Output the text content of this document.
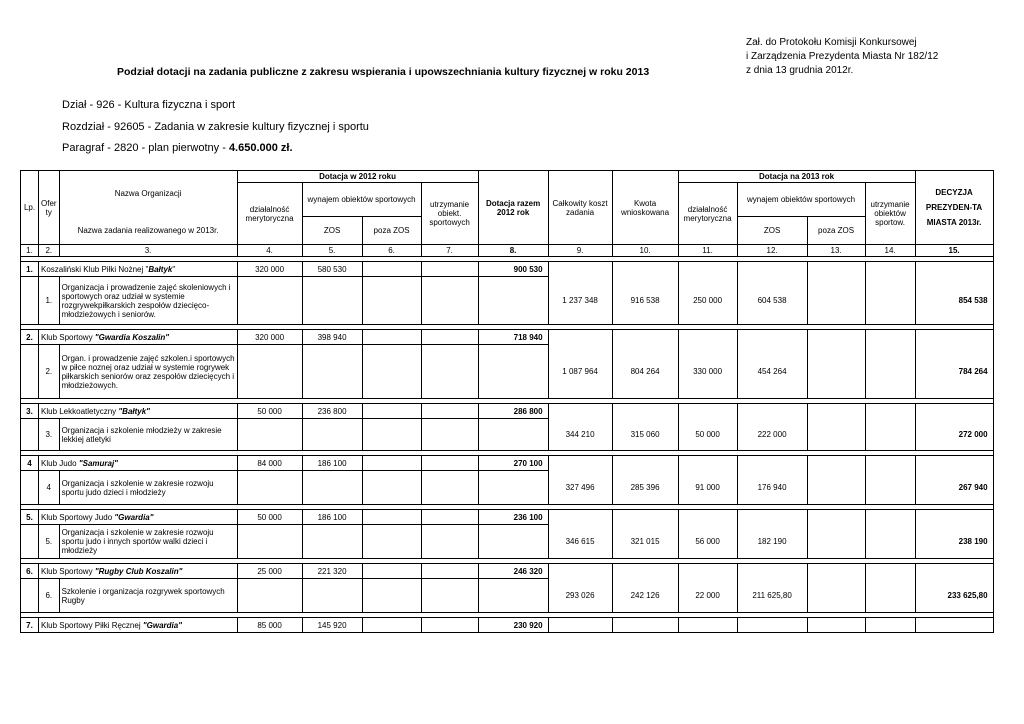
Zał. do Protokołu Komisji Konkursowej
i Zarządzenia Prezydenta Miasta Nr 182/12
z dnia 13 grudnia 2012r.
Podział dotacji na zadania publiczne z zakresu wspierania i upowszechniania kultury fizycznej w roku 2013
Dział - 926 - Kultura fizyczna i sport
Rozdział - 92605 - Zadania w zakresie kultury fizycznej i sportu
Paragraf - 2820 - plan pierwotny - 4.650.000 zł.
Lp.	Ofer ty	Nazwa Organizacji	Dotacja w 2012 roku				Dotacja razem 2012 rok	Całkowity koszt zadania	Kwota wnioskowana	Dotacja na 2013 rok				DECYZJA PREZYDEN-TA MIASTA 2013r.
			działalność merytoryczna	wynajem obiektów sportowych		utrzymanie obiekt. sportowych				działalność merytoryczna	wynajem obiektów sportowych		utrzymanie obiektów sportow.	
		Nazwa zadania realizowanego w 2013r.		ZOS	poza ZOS						ZOS	poza ZOS		
1.	2.	3.	4.	5.	6.	7.	8.	9.	10.	11.	12.	13.	14.	15.

1.	Koszaliński Klub Piłki Nożnej "Bałtyk"		320 000	580 530			900 530							
	1.	Organizacja i prowadzenie zajęć skoleniowych i sportowych oraz udział w systemie rozgrywekpiłkarskich zespołów dziecięco-młodzieżowych i seniorów.						1 237 348	916 538	250 000	604 538			854 538

2.	Klub Sportowy "Gwardia Koszalin"		320 000	398 940			718 940							
	2.	Organ. i prowadzenie zajęć szkolen.i sportowych w piłce noznej oraz udział w systemie rogrywek piłkarskich seniorów oraz zespołów dziecięcych i młodzieżowych.						1 087 964	804 264	330 000	454 264			784 264

3.	Klub Lekkoatletyczny "Bałtyk"		50 000	236 800			286 800							
	3.	Organizacja i szkolenie młodzieży w zakresie lekkiej atletyki						344 210	315 060	50 000	222 000			272 000

4	Klub Judo "Samuraj"		84 000	186 100			270 100							
	4	Organizacja i szkolenie w zakresie rozwoju sportu judo dzieci i młodzieży						327 496	285 396	91 000	176 940			267 940

5.	Klub Sportowy Judo "Gwardia"		50 000	186 100			236 100							
	5.	Organizacja i szkolenie w zakresie rozwoju sportu judo i innych sportów walki dzieci i młodzieży						346 615	321 015	56 000	182 190			238 190

6.	Klub Sportowy "Rugby Club Koszalin"		25 000	221 320			246 320							
	6.	Szkolenie i organizacja rozgrywek sportowych Rugby						293 026	242 126	22 000	211 625,80			233 625,80

7.	Klub Sportowy Piłki Ręcznej "Gwardia"		85 000	145 920			230 920							
